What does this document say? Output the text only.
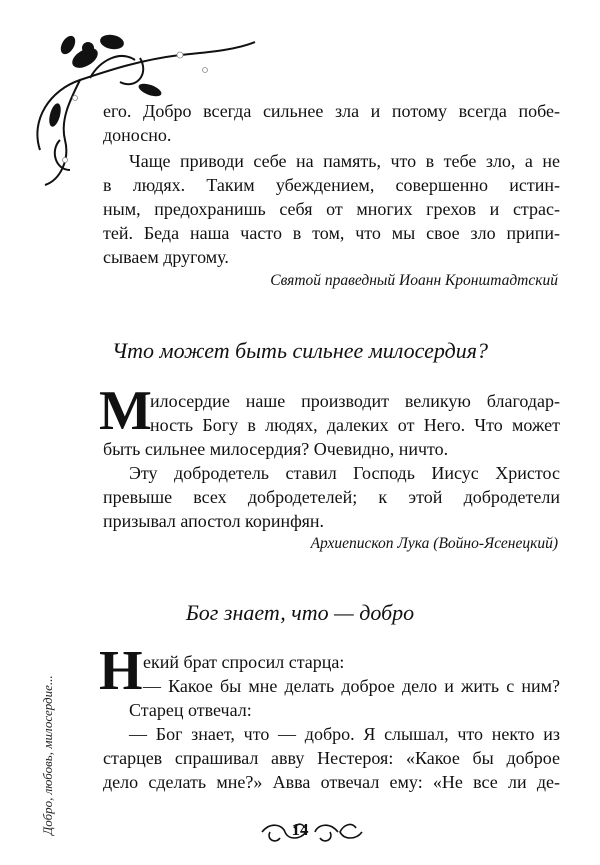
Добро, любовь, милосердие...
его. Добро всегда сильнее зла и потому всегда побе-
доносно.
Чаще приводи себе на память, что в тебе зло, а не
в людях. Таким убеждением, совершенно истин-
ным, предохранишь себя от многих грехов и страс-
тей. Беда наша часто в том, что мы свое зло припи-
сываем другому.
Святой праведный Иоанн Кронштадтский
Что может быть сильнее милосердия?
М
илосердие наше производит великую благодар-
ность Богу в людях, далеких от Него. Что может
быть сильнее милосердия? Очевидно, ничто.
Эту добродетель ставил Господь Иисус Христос
превыше всех добродетелей; к этой добродетели
призывал апостол коринфян.
Архиепископ Лука (Войно-Ясенецкий)
Бог знает, что — добро
Н екий брат спросил старца:
— Какое бы мне делать доброе дело и жить с ним?
Старец отвечал:
— Бог знает, что — добро. Я слышал, что некто из
старцев спрашивал авву Нестероя: «Какое бы доброе
дело сделать мне?» Авва отвечал ему: «Не все ли де-
14
